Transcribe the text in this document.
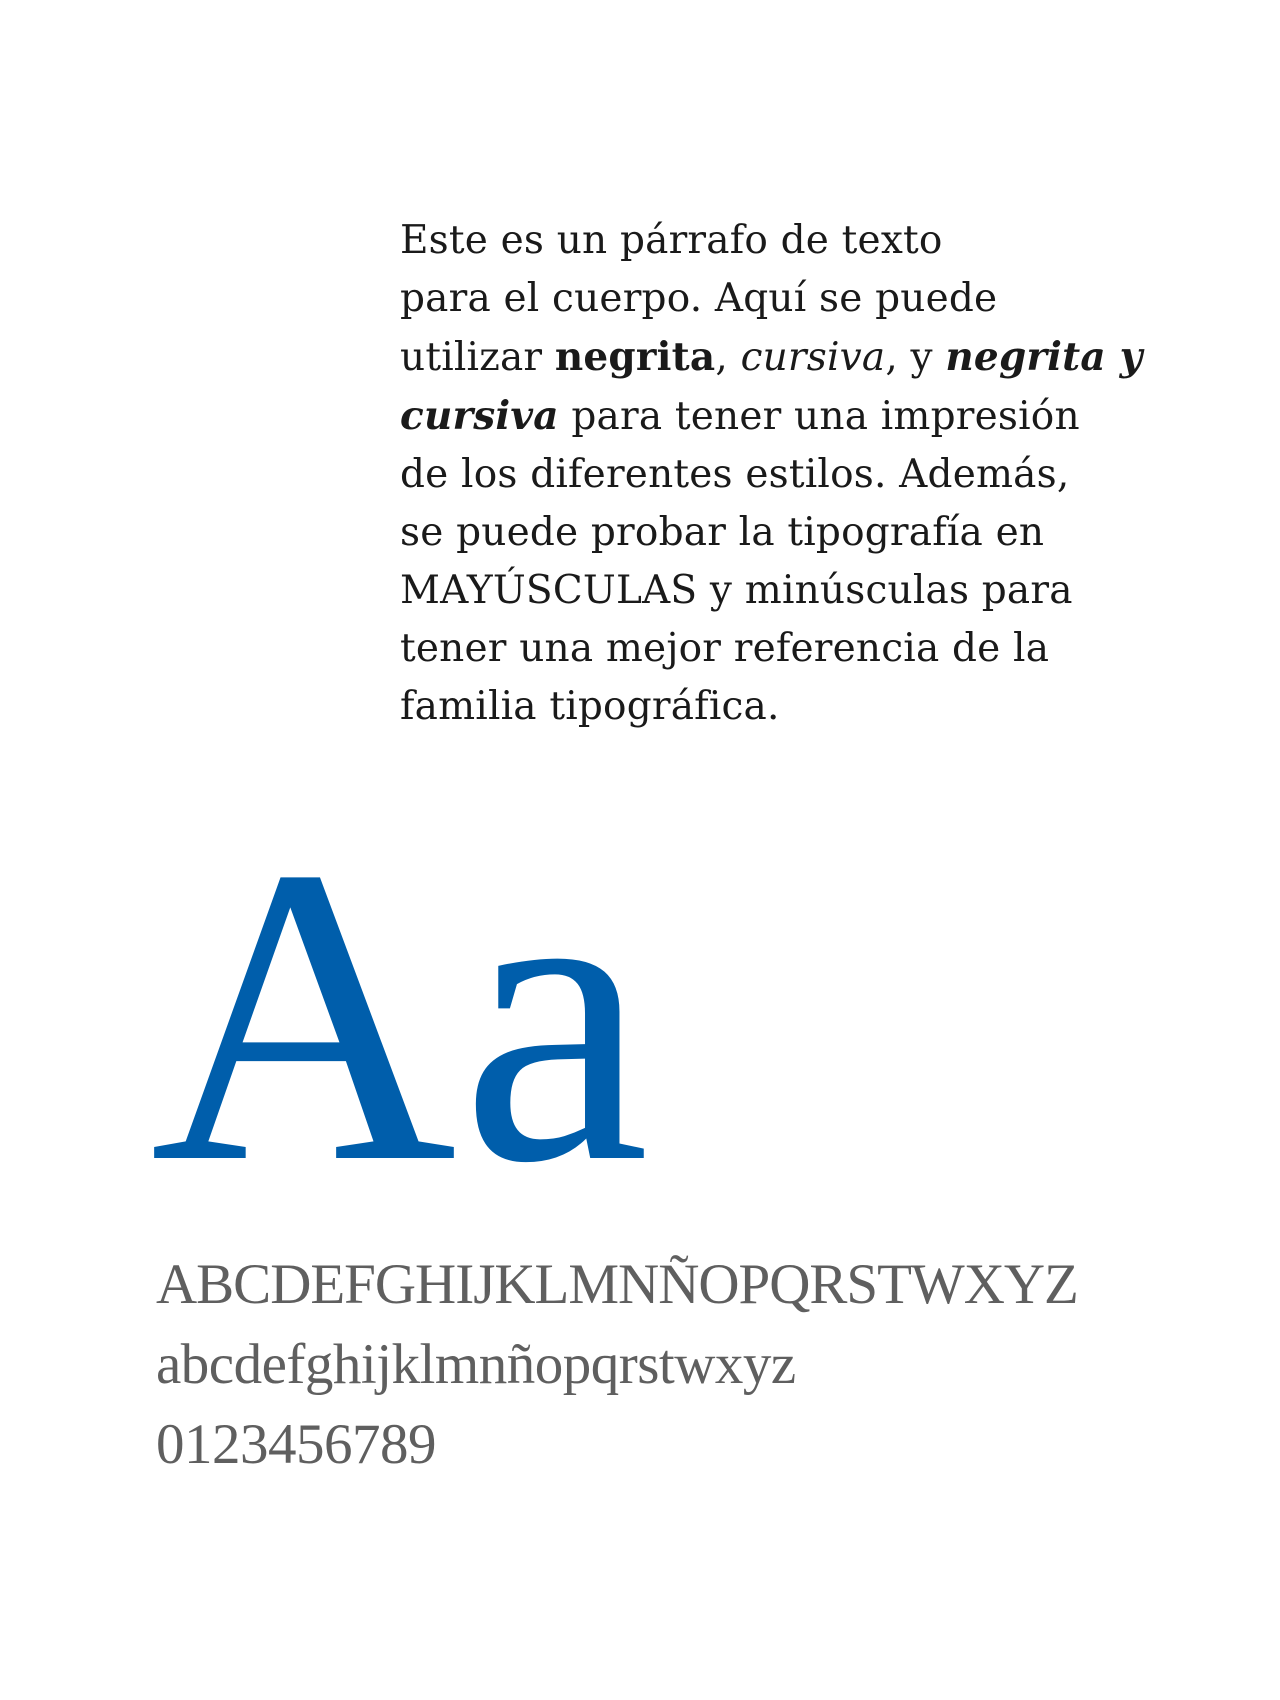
Este es un párrafo de texto
para el cuerpo. Aquí se puede
utilizar negrita, cursiva, y negrita y
cursiva para tener una impresión
de los diferentes estilos. Además,
se puede probar la tipografía en
MAYÚSCULAS y minúsculas para
tener una mejor referencia de la
familia tipográfica.

Aa

ABCDEFGHIJKLMNÑOPQRSTWXYZ

abcdefghijklmnñopqrstwxyz

0123456789
